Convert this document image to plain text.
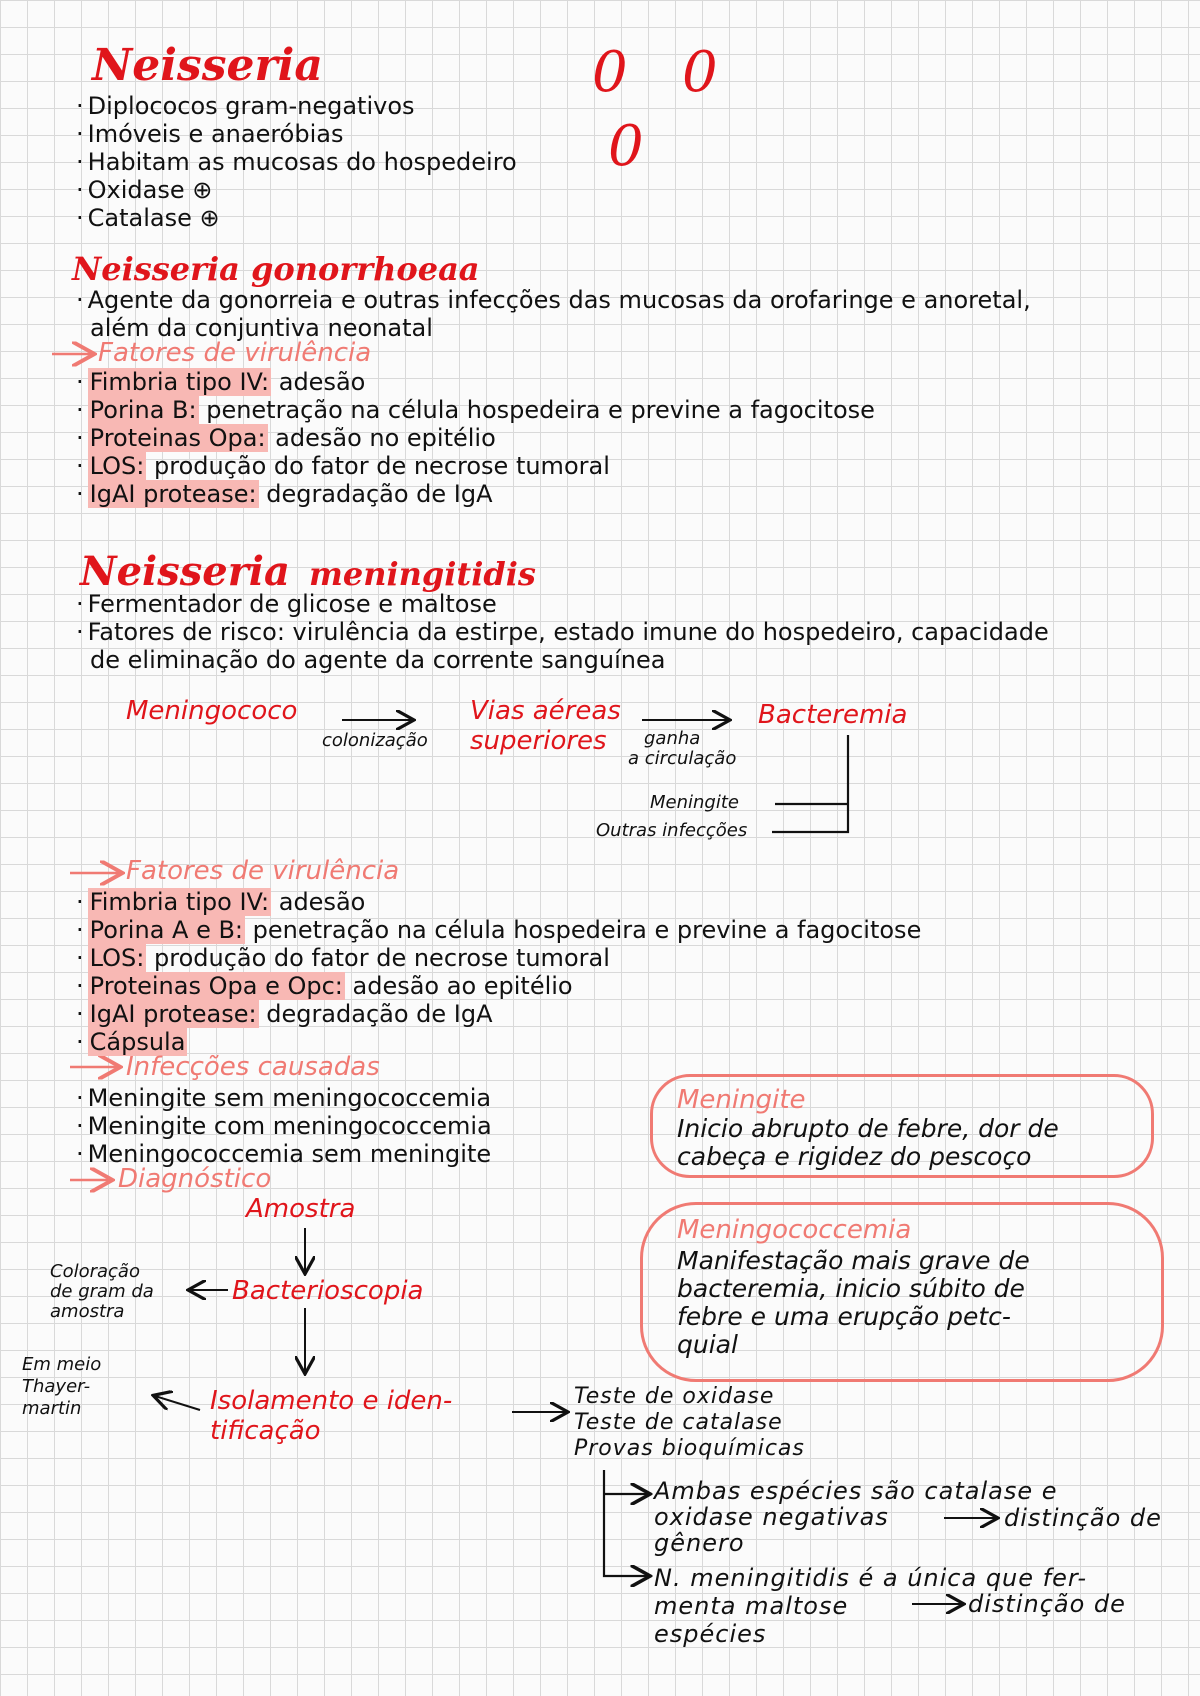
Neisseria	0 0
0
· Diplococos gram-negativos
· Imóveis e anaeróbias
· Habitam as mucosas do hospedeiro
· Oxidase ⊕
· Catalase ⊕
Neisseria gonorrhoeaa
· Agente da gonorreia e outras infecções das mucosas da orofaringe e anoretal,
além da conjuntiva neonatal
Fatores de virulência
· Fimbria tipo IV: adesão
· Porina B: penetração na célula hospedeira e previne a fagocitose
· Proteinas Opa: adesão no epitélio
· LOS: produção do fator de necrose tumoral
· IgAI protease: degradação de IgA
Neisseria meningitidis
· Fermentador de glicose e maltose
· Fatores de risco: virulência da estirpe, estado imune do hospedeiro, capacidade
de eliminação do agente da corrente sanguínea
Meningococo
colonização
Vias aéreas
superiores ganha
a circulação
Bacteremia
Meningite
Outras infecções
Fatores de virulência
· Fimbria tipo IV: adesão
· Porina A e B: penetração na célula hospedeira e previne a fagocitose
· LOS: produção do fator de necrose tumoral
· Proteinas Opa e Opc: adesão ao epitélio
· IgAI protease: degradação de IgA
· Cápsula
Infecções causadas
· Meningite sem meningococcemia
· Meningite com meningococcemia
· Meningococcemia sem meningite
Diagnóstico
Meningite
Inicio abrupto de febre, dor de
cabeça e rigidez do pescoço
Meningococcemia
Manifestação mais grave de
bacteremia, inicio súbito de
febre e uma erupção petc-
quial
Amostra
Coloração
de gram da
amostra
Bacterioscopia
Em meio
Thayer-
martin	Isolamento e iden-
tificação
Teste de oxidase
Teste de catalase
Provas bioquímicas
Ambas espécies são catalase e
oxidase negativas
gênero
distinção de
N. meningitidis é a única que fer-
menta maltose
espécies
distinção de
